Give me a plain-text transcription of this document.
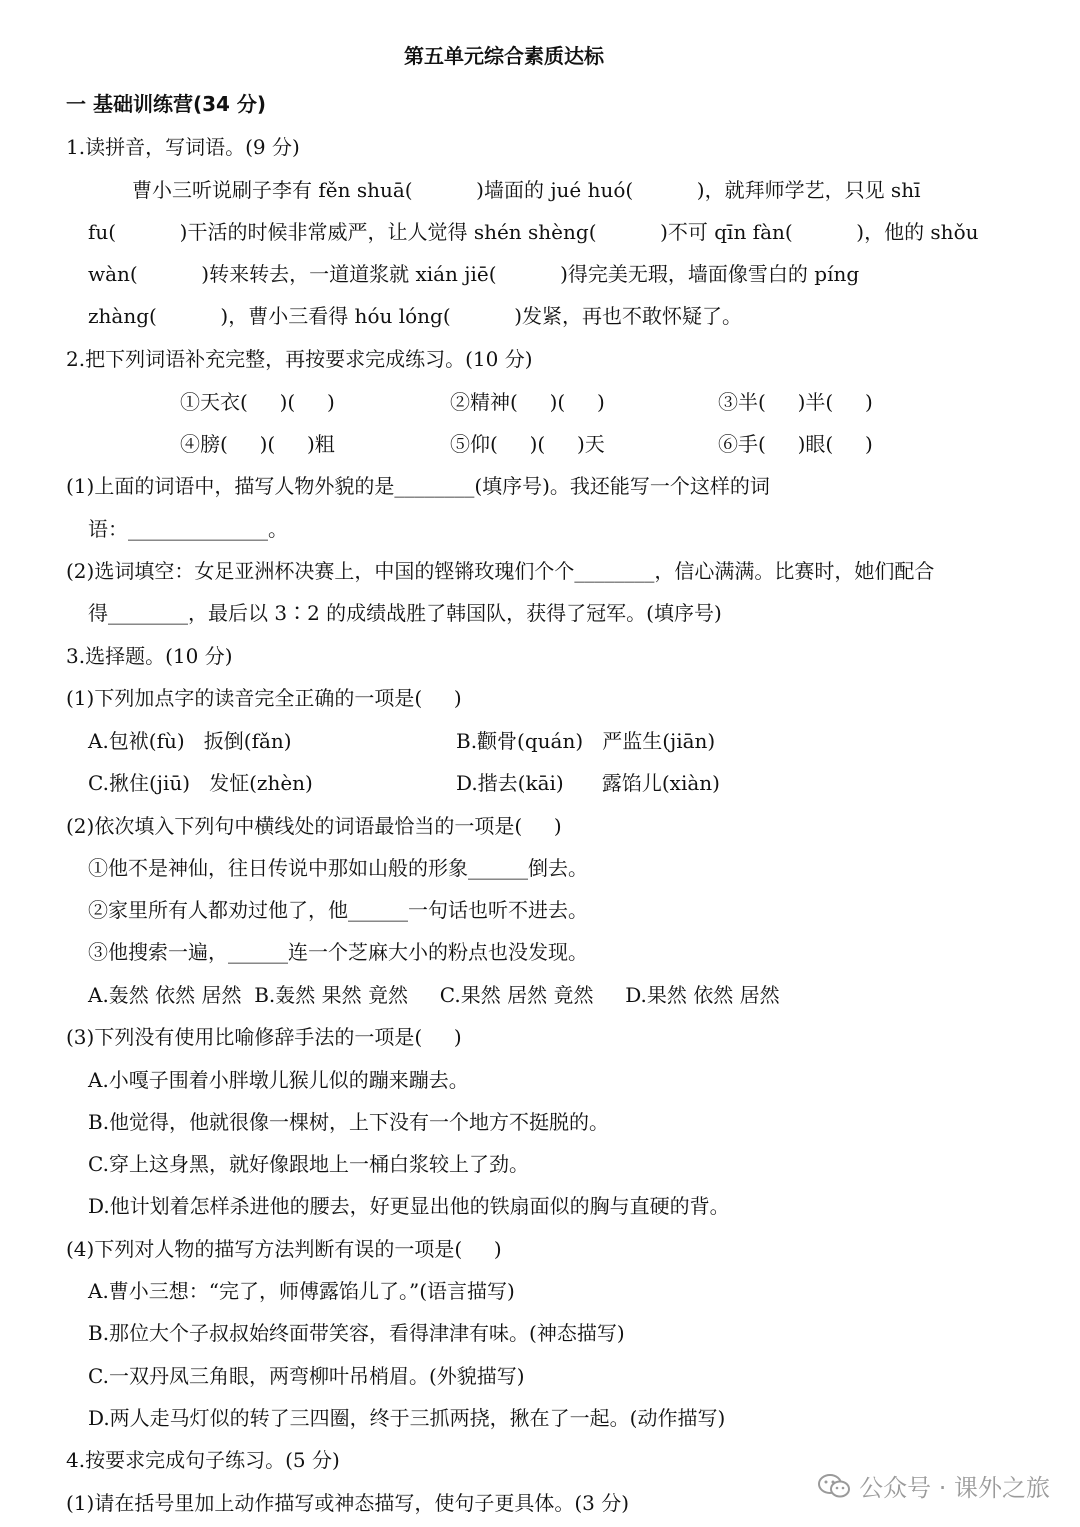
第五单元综合素质达标
一 基础训练营(34 分)
1.读拼音，写词语。(9 分)
曹小三听说刷子李有 fěn shuā(          )墙面的 jué huó(          )，就拜师学艺，只见 shī
fu(          )干活的时候非常威严，让人觉得 shén shèng(          )不可 qīn fàn(          )，他的 shǒu
wàn(          )转来转去，一道道浆就 xián jiē(          )得完美无瑕，墙面像雪白的 píng
zhàng(          )，曹小三看得 hóu lóng(          )发紧，再也不敢怀疑了。
2.把下列词语补充完整，再按要求完成练习。(10 分)
①天衣(     )(     )	②精神(     )(     )	③半(     )半(     )
④膀(     )(     )粗	⑤仰(     )(     )天	⑥手(     )眼(     )
(1)上面的词语中，描写人物外貌的是________(填序号)。我还能写一个这样的词
语：______________。
(2)选词填空：女足亚洲杯决赛上，中国的铿锵玫瑰们个个________，信心满满。比赛时，她们配合
得________，最后以 3∶2 的成绩战胜了韩国队，获得了冠军。(填序号)
3.选择题。(10 分)
(1)下列加点字的读音完全正确的一项是(     )
A.包袱(fù)   扳倒(fǎn)	B.颧骨(quán)   严监生(jiān)
C.揪住(jiū)   发怔(zhèn)	D.揩去(kāi)      露馅儿(xiàn)
(2)依次填入下列句中横线处的词语最恰当的一项是(     )
①他不是神仙，往日传说中那如山般的形象______倒去。
②家里所有人都劝过他了，他______一句话也听不进去。
③他搜索一遍，______连一个芝麻大小的粉点也没发现。
A.轰然 依然 居然  B.轰然 果然 竟然     C.果然 居然 竟然     D.果然 依然 居然
(3)下列没有使用比喻修辞手法的一项是(     )
A.小嘎子围着小胖墩儿猴儿似的蹦来蹦去。
B.他觉得，他就很像一棵树，上下没有一个地方不挺脱的。
C.穿上这身黑，就好像跟地上一桶白浆较上了劲。
D.他计划着怎样杀进他的腰去，好更显出他的铁扇面似的胸与直硬的背。
(4)下列对人物的描写方法判断有误的一项是(     )
A.曹小三想：“完了，师傅露馅儿了。”(语言描写)
B.那位大个子叔叔始终面带笑容，看得津津有味。(神态描写)
C.一双丹凤三角眼，两弯柳叶吊梢眉。(外貌描写)
D.两人走马灯似的转了三四圈，终于三抓两挠，揪在了一起。(动作描写)
4.按要求完成句子练习。(5 分)
(1)请在括号里加上动作描写或神态描写，使句子更具体。(3 分)
公众号 · 课外之旅
